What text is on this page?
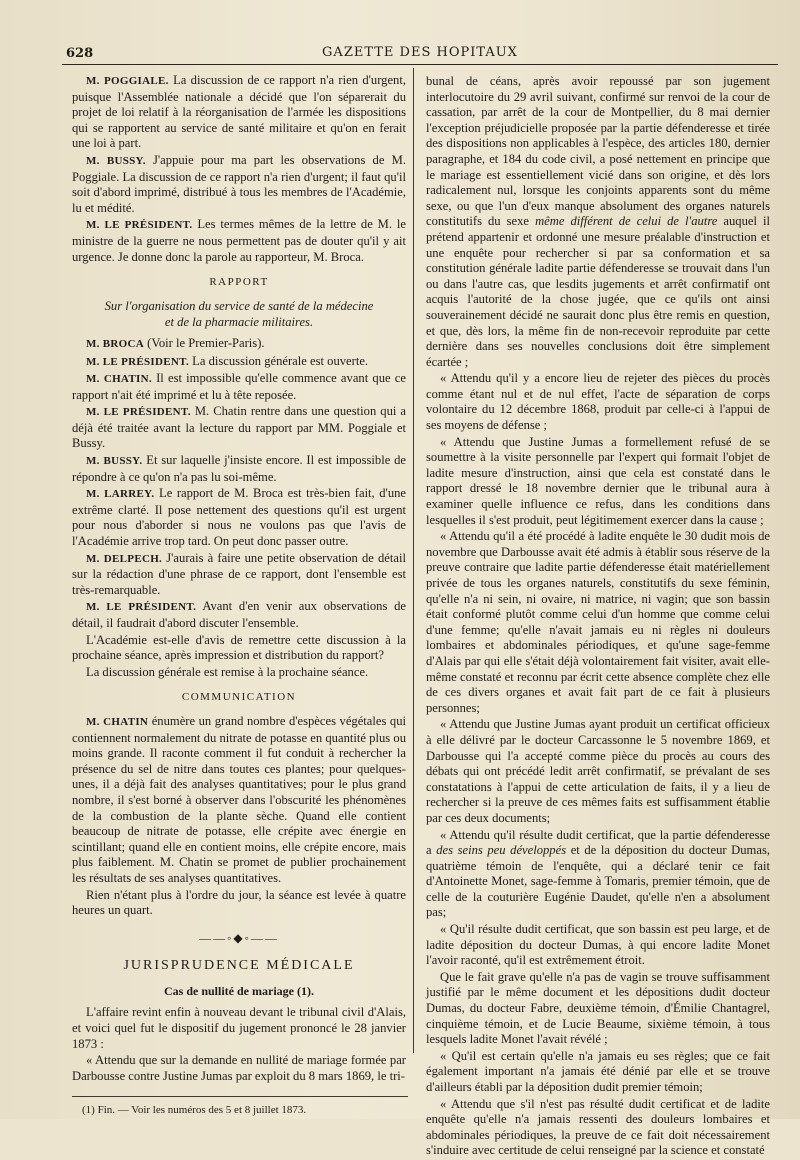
628	GAZETTE DES HOPITAUX

M. POGGIALE. La discussion de ce rapport n'a rien d'urgent, puisque l'Assemblée nationale a décidé que l'on séparerait du projet de loi relatif à la réorganisation de l'armée les dispositions qui se rapportent au service de santé militaire et qu'on en ferait une loi à part.

M. BUSSY. J'appuie pour ma part les observations de M. Poggiale. La discussion de ce rapport n'a rien d'urgent; il faut qu'il soit d'abord imprimé, distribué à tous les membres de l'Académie, lu et médité.

M. LE PRÉSIDENT. Les termes mêmes de la lettre de M. le ministre de la guerre ne nous permettent pas de douter qu'il y ait urgence. Je donne donc la parole au rapporteur, M. Broca.

RAPPORT

Sur l'organisation du service de santé de la médecine

et de la pharmacie militaires.

M. BROCA (Voir le Premier-Paris).

M. LE PRÉSIDENT. La discussion générale est ouverte.

M. CHATIN. Il est impossible qu'elle commence avant que ce rapport n'ait été imprimé et lu à tête reposée.

M. LE PRÉSIDENT. M. Chatin rentre dans une question qui a déjà été traitée avant la lecture du rapport par MM. Poggiale et Bussy.

M. BUSSY. Et sur laquelle j'insiste encore. Il est impossible de répondre à ce qu'on n'a pas lu soi-même.

M. LARREY. Le rapport de M. Broca est très-bien fait, d'une extrême clarté. Il pose nettement des questions qu'il est urgent pour nous d'aborder si nous ne voulons pas que l'avis de l'Académie arrive trop tard. On peut donc passer outre.

M. DELPECH. J'aurais à faire une petite observation de détail sur la rédaction d'une phrase de ce rapport, dont l'ensemble est très-remarquable.

M. LE PRÉSIDENT. Avant d'en venir aux observations de détail, il faudrait d'abord discuter l'ensemble.

L'Académie est-elle d'avis de remettre cette discussion à la prochaine séance, après impression et distribution du rapport?

La discussion générale est remise à la prochaine séance.

COMMUNICATION

M. CHATIN énumère un grand nombre d'espèces végétales qui contiennent normalement du nitrate de potasse en quantité plus ou moins grande. Il raconte comment il fut conduit à rechercher la présence du sel de nitre dans toutes ces plantes; pour quelques-unes, il a déjà fait des analyses quantitatives; pour le plus grand nombre, il s'est borné à observer dans l'obscurité les phénomènes de la combustion de la plante sèche. Quand elle contient beaucoup de nitrate de potasse, elle crépite avec énergie en scintillant; quand elle en contient moins, elle crépite encore, mais plus faiblement. M. Chatin se promet de publier prochainement les résultats de ses analyses quantitatives.

Rien n'étant plus à l'ordre du jour, la séance est levée à quatre heures un quart.

——◦◆◦——

JURISPRUDENCE MÉDICALE

Cas de nullité de mariage (1).

L'affaire revint enfin à nouveau devant le tribunal civil d'Alais, et voici quel fut le dispositif du jugement prononcé le 28 janvier 1873 :

« Attendu que sur la demande en nullité de mariage formée par Darbousse contre Justine Jumas par exploit du 8 mars 1869, le tri-

(1) Fin. — Voir les numéros des 5 et 8 juillet 1873.

bunal de céans, après avoir repoussé par son jugement interlocutoire du 29 avril suivant, confirmé sur renvoi de la cour de cassation, par arrêt de la cour de Montpellier, du 8 mai dernier l'exception préjudicielle proposée par la partie défenderesse et tirée des dispositions non applicables à l'espèce, des articles 180, dernier paragraphe, et 184 du code civil, a posé nettement en principe que le mariage est essentiellement vicié dans son origine, et dès lors radicalement nul, lorsque les conjoints apparents sont du même sexe, ou que l'un d'eux manque absolument des organes naturels constitutifs du sexe même différent de celui de l'autre auquel il prétend appartenir et ordonné une mesure préalable d'instruction et une enquête pour rechercher si par sa conformation et sa constitution générale ladite partie défenderesse se trouvait dans l'un ou dans l'autre cas, que lesdits jugements et arrêt confirmatif ont acquis l'autorité de la chose jugée, que ce qu'ils ont ainsi souverainement décidé ne saurait donc plus être remis en question, et que, dès lors, la même fin de non-recevoir reproduite par cette dernière dans ses nouvelles conclusions doit être simplement écartée ;

« Attendu qu'il y a encore lieu de rejeter des pièces du procès comme étant nul et de nul effet, l'acte de séparation de corps volontaire du 12 décembre 1868, produit par celle-ci à l'appui de ses moyens de défense ;

« Attendu que Justine Jumas a formellement refusé de se soumettre à la visite personnelle par l'expert qui formait l'objet de ladite mesure d'instruction, ainsi que cela est constaté dans le rapport dressé le 18 novembre dernier que le tribunal aura à examiner quelle influence ce refus, dans les conditions dans lesquelles il s'est produit, peut légitimement exercer dans la cause ;

« Attendu qu'il a été procédé à ladite enquête le 30 dudit mois de novembre que Darbousse avait été admis à établir sous réserve de la preuve contraire que ladite partie défenderesse était matériellement privée de tous les organes naturels, constitutifs du sexe féminin, qu'elle n'a ni sein, ni ovaire, ni matrice, ni vagin; que son bassin était conformé plutôt comme celui d'un homme que comme celui d'une femme; qu'elle n'avait jamais eu ni règles ni douleurs lombaires et abdominales périodiques, et qu'une sage-femme d'Alais par qui elle s'était déjà volontairement fait visiter, avait elle-même constaté et reconnu par écrit cette absence complète chez elle de ces divers organes et avait fait part de ce fait à plusieurs personnes;

« Attendu que Justine Jumas ayant produit un certificat officieux à elle délivré par le docteur Carcassonne le 5 novembre 1869, et Darbousse qui l'a accepté comme pièce du procès au cours des débats qui ont précédé ledit arrêt confirmatif, se prévalant de ses constatations à l'appui de cette articulation de faits, il y a lieu de rechercher si la preuve de ces mêmes faits est suffisamment établie par ces deux documents;

« Attendu qu'il résulte dudit certificat, que la partie défenderesse a des seins peu développés et de la déposition du docteur Dumas, quatrième témoin de l'enquête, qui a déclaré tenir ce fait d'Antoinette Monet, sage-femme à Tomaris, premier témoin, que de celle de la couturière Eugénie Daudet, qu'elle n'en a absolument pas;

« Qu'il résulte dudit certificat, que son bassin est peu large, et de ladite déposition du docteur Dumas, à qui encore ladite Monet l'avoir raconté, qu'il est extrêmement étroit.

Que le fait grave qu'elle n'a pas de vagin se trouve suffisamment justifié par le même document et les dépositions dudit docteur Dumas, du docteur Fabre, deuxième témoin, d'Émilie Chantagrel, cinquième témoin, et de Lucie Beaume, sixième témoin, à tous lesquels ladite Monet l'avait révélé ;

« Qu'il est certain qu'elle n'a jamais eu ses règles; que ce fait également important n'a jamais été dénié par elle et se trouve d'ailleurs établi par la déposition dudit premier témoin;

« Attendu que s'il n'est pas résulté dudit certificat et de ladite enquête qu'elle n'a jamais ressenti des douleurs lombaires et abdominales périodiques, la preuve de ce fait doit nécessairement s'induire avec certitude de celui renseigné par la science et constaté
